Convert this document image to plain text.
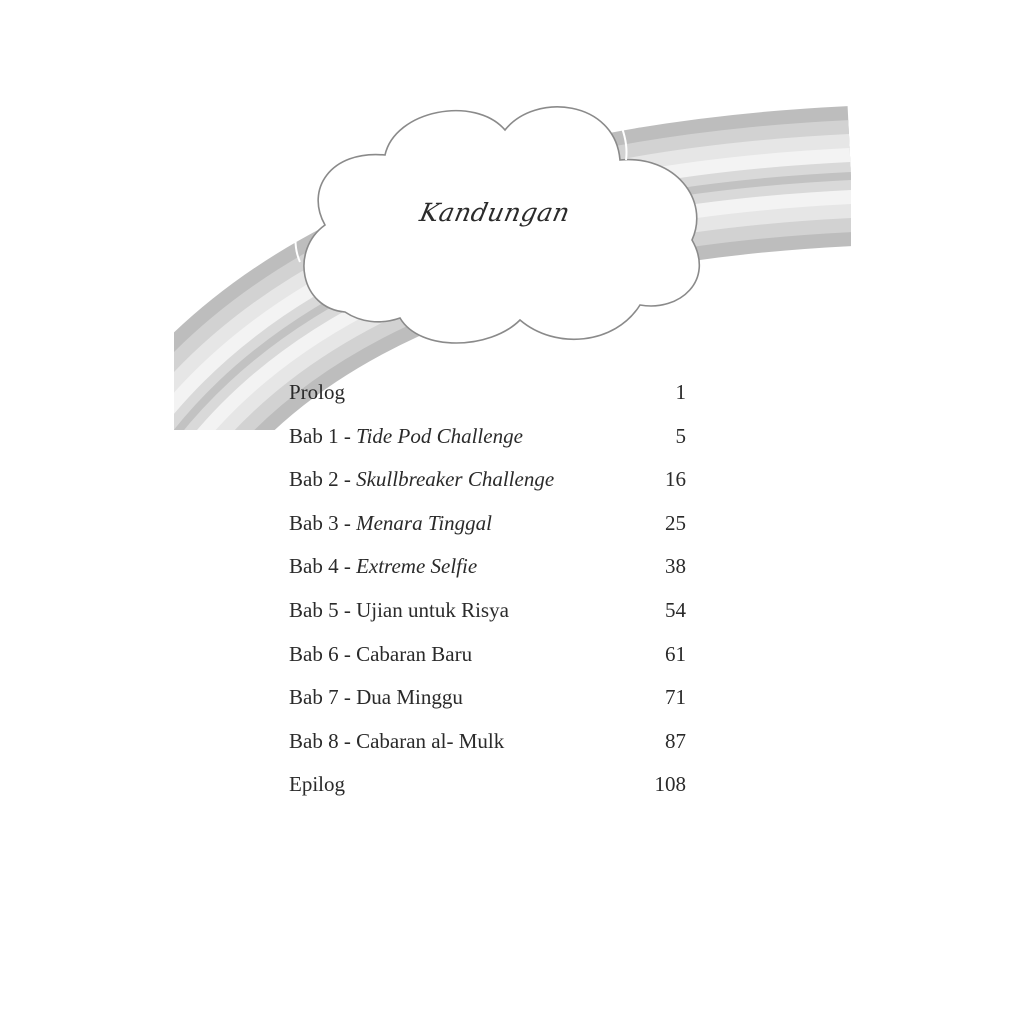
Kandungan
Prolog	1
Bab 1 - Tide Pod Challenge	5
Bab 2 - Skullbreaker Challenge	16
Bab 3 - Menara Tinggal	25
Bab 4 - Extreme Selfie	38
Bab 5 - Ujian untuk Risya	54
Bab 6 - Cabaran Baru	61
Bab 7 - Dua Minggu	71
Bab 8 - Cabaran al- Mulk	87
Epilog	108
